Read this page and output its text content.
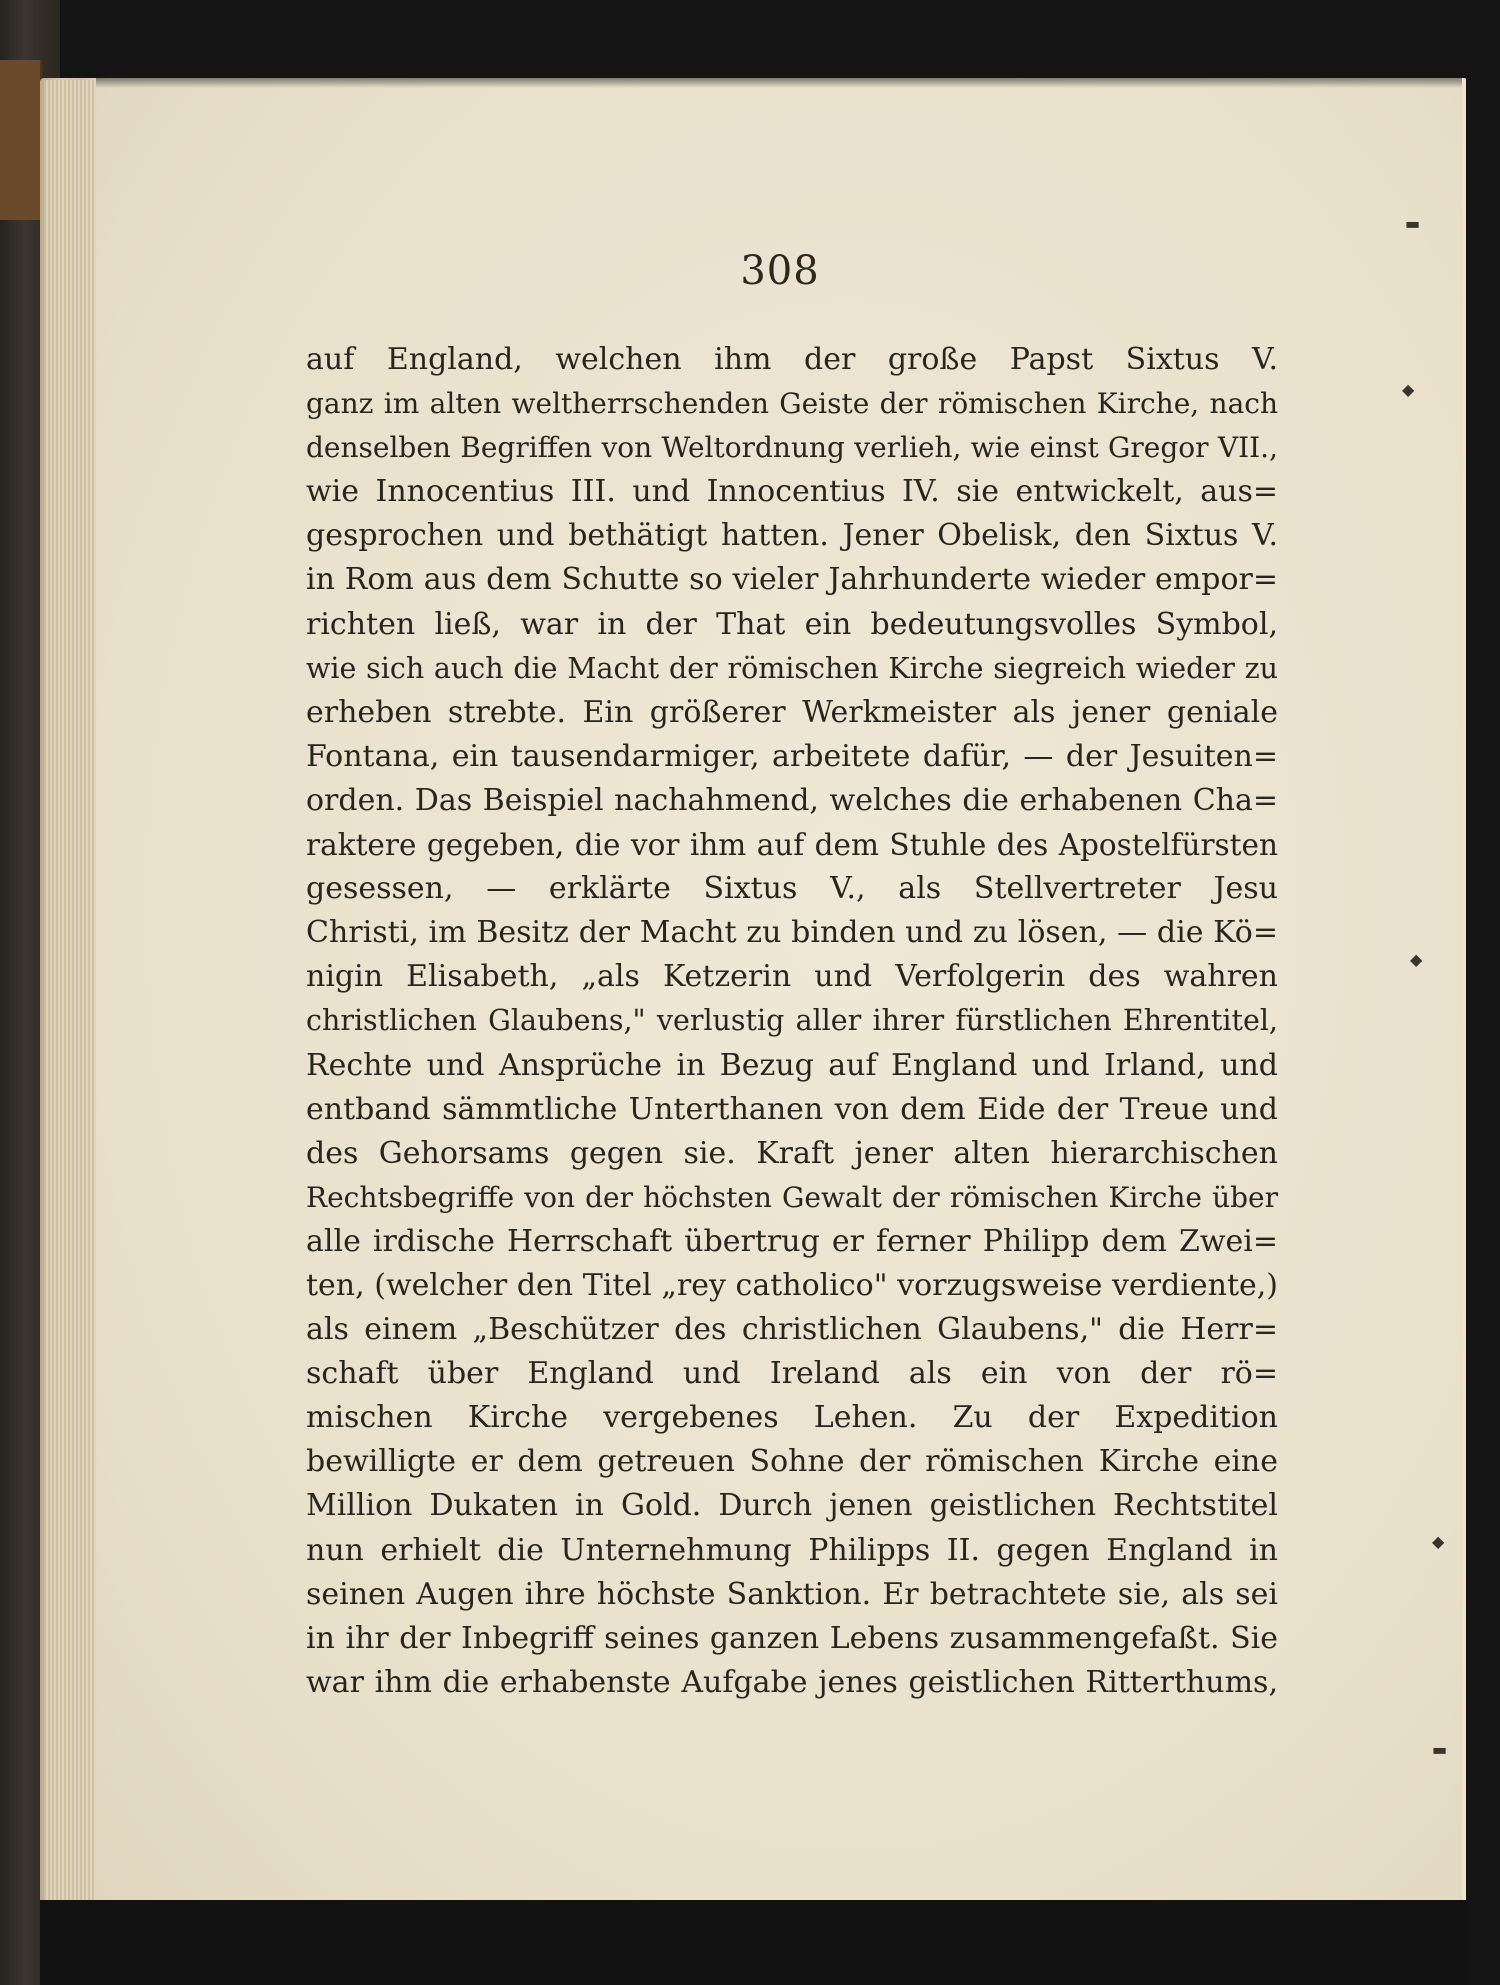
▬
◆
◆
◆
▬
308
auf England, welchen ihm der große Papst Sixtus V.
ganz im alten weltherrschenden Geiste der römischen Kirche, nach
denselben Begriffen von Weltordnung verlieh, wie einst Gregor VII.,
wie Innocentius III. und Innocentius IV. sie entwickelt, aus=
gesprochen und bethätigt hatten. Jener Obelisk, den Sixtus V.
in Rom aus dem Schutte so vieler Jahrhunderte wieder empor=
richten ließ, war in der That ein bedeutungsvolles Symbol,
wie sich auch die Macht der römischen Kirche siegreich wieder zu
erheben strebte. Ein größerer Werkmeister als jener geniale
Fontana, ein tausendarmiger, arbeitete dafür, — der Jesuiten=
orden. Das Beispiel nachahmend, welches die erhabenen Cha=
raktere gegeben, die vor ihm auf dem Stuhle des Apostelfürsten
gesessen, — erklärte Sixtus V., als Stellvertreter Jesu
Christi, im Besitz der Macht zu binden und zu lösen, — die Kö=
nigin Elisabeth, „als Ketzerin und Verfolgerin des wahren
christlichen Glaubens," verlustig aller ihrer fürstlichen Ehrentitel,
Rechte und Ansprüche in Bezug auf England und Irland, und
entband sämmtliche Unterthanen von dem Eide der Treue und
des Gehorsams gegen sie. Kraft jener alten hierarchischen
Rechtsbegriffe von der höchsten Gewalt der römischen Kirche über
alle irdische Herrschaft übertrug er ferner Philipp dem Zwei=
ten, (welcher den Titel „rey catholico" vorzugsweise verdiente,)
als einem „Beschützer des christlichen Glaubens," die Herr=
schaft über England und Ireland als ein von der rö=
mischen Kirche vergebenes Lehen. Zu der Expedition
bewilligte er dem getreuen Sohne der römischen Kirche eine
Million Dukaten in Gold. Durch jenen geistlichen Rechtstitel
nun erhielt die Unternehmung Philipps II. gegen England in
seinen Augen ihre höchste Sanktion. Er betrachtete sie, als sei
in ihr der Inbegriff seines ganzen Lebens zusammengefaßt. Sie
war ihm die erhabenste Aufgabe jenes geistlichen Ritterthums,
